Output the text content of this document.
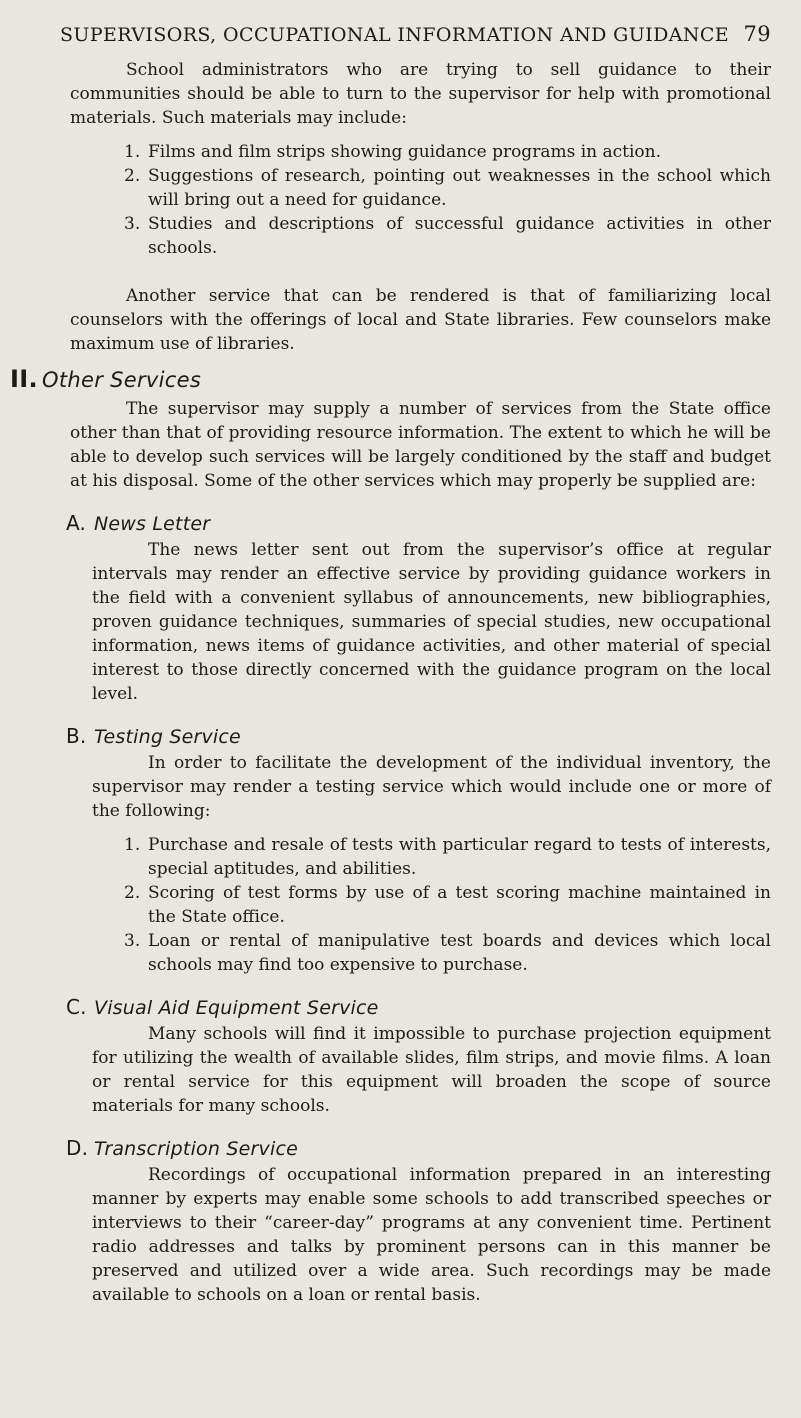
SUPERVISORS, OCCUPATIONAL INFORMATION AND GUIDANCE 79

School administrators who are trying to sell guidance to their communities should be able to turn to the supervisor for help with promotional materials. Such materials may include:

1. Films and film strips showing guidance programs in action.
2. Suggestions of research, pointing out weaknesses in the school which will bring out a need for guidance.
3. Studies and descriptions of successful guidance activities in other schools.

Another service that can be rendered is that of familiarizing local counselors with the offerings of local and State libraries. Few counselors make maximum use of libraries.

II. Other Services

The supervisor may supply a number of services from the State office other than that of providing resource information. The extent to which he will be able to develop such services will be largely conditioned by the staff and budget at his disposal. Some of the other services which may properly be supplied are:

A. News Letter

The news letter sent out from the supervisor’s office at regular intervals may render an effective service by providing guidance workers in the field with a convenient syllabus of announcements, new bibliographies, proven guidance techniques, summaries of special studies, new occupational information, news items of guidance activities, and other material of special interest to those directly concerned with the guidance program on the local level.

B. Testing Service

In order to facilitate the development of the individual inventory, the supervisor may render a testing service which would include one or more of the following:

1. Purchase and resale of tests with particular regard to tests of interests, special aptitudes, and abilities.
2. Scoring of test forms by use of a test scoring machine maintained in the State office.
3. Loan or rental of manipulative test boards and devices which local schools may find too expensive to purchase.
C. Visual Aid Equipment Service

Many schools will find it impossible to purchase projection equipment for utilizing the wealth of available slides, film strips, and movie films. A loan or rental service for this equipment will broaden the scope of source materials for many schools.

D. Transcription Service

Recordings of occupational information prepared in an interesting manner by experts may enable some schools to add transcribed speeches or interviews to their “career-day” programs at any convenient time. Pertinent radio addresses and talks by prominent persons can in this manner be preserved and utilized over a wide area. Such recordings may be made available to schools on a loan or rental basis.
